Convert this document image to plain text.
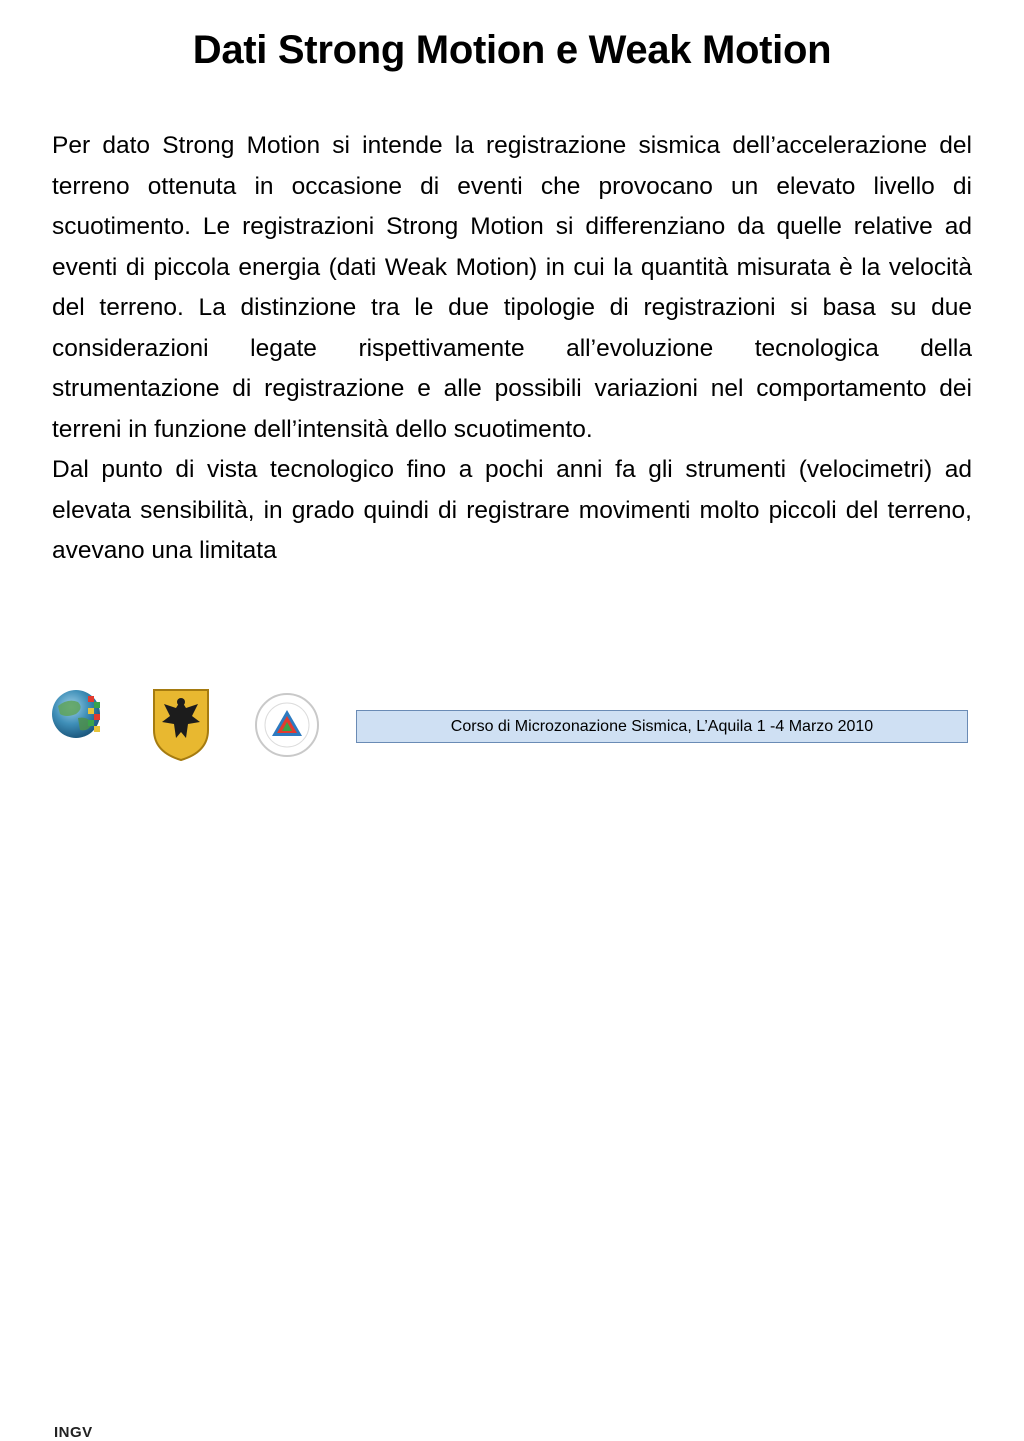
Dati Strong Motion e Weak Motion

Per dato Strong Motion si intende la registrazione sismica dell’accelerazione del terreno ottenuta in occasione di eventi che provocano un elevato livello di scuotimento. Le registrazioni Strong Motion si differenziano da quelle relative ad eventi di piccola energia (dati Weak Motion) in cui la quantità misurata è la velocità del terreno. La distinzione tra le due tipologie di registrazioni si basa su due considerazioni legate rispettivamente all’evoluzione tecnologica della strumentazione di registrazione e alle possibili variazioni nel comportamento dei terreni in funzione dell’intensità dello scuotimento.

Dal punto di vista tecnologico fino a pochi anni fa gli strumenti (velocimetri) ad elevata sensibilità, in grado quindi di registrare movimenti molto piccoli del terreno, avevano una limitata

INGV
Corso di Microzonazione Sismica, L’Aquila 1 -4 Marzo 2010
